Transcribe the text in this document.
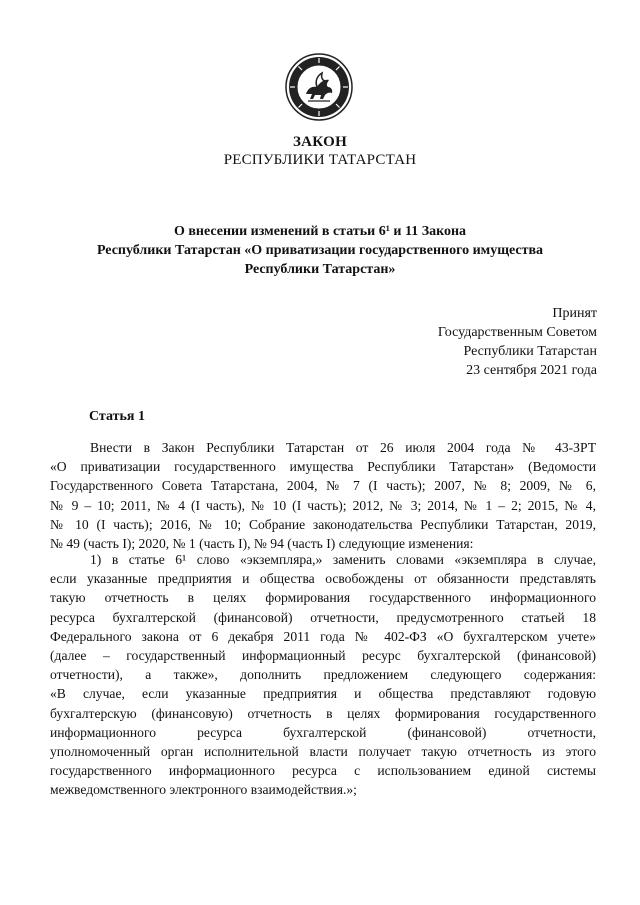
ЗАКОН
РЕСПУБЛИКИ ТАТАРСТАН
О внесении изменений в статьи 6¹ и 11 Закона
Республики Татарстан «О приватизации государственного имущества
Республики Татарстан»
Принят
Государственным Советом
Республики Татарстан
23 сентября 2021 года
Статья 1
Внести в Закон Республики Татарстан от 26 июля 2004 года № 43-ЗРТ
«О приватизации государственного имущества Республики Татарстан» (Ведомости
Государственного Совета Татарстана, 2004, № 7 (I часть); 2007, № 8; 2009, № 6,
№ 9 – 10; 2011, № 4 (I часть), № 10 (I часть); 2012, № 3; 2014, № 1 – 2; 2015, № 4,
№ 10 (I часть); 2016, № 10; Собрание законодательства Республики Татарстан, 2019,
№ 49 (часть I); 2020, № 1 (часть I), № 94 (часть I) следующие изменения:
1) в статье 6¹ слово «экземпляра,» заменить словами «экземпляра в случае,
если указанные предприятия и общества освобождены от обязанности представлять
такую отчетность в целях формирования государственного информационного
ресурса бухгалтерской (финансовой) отчетности, предусмотренного статьей 18
Федерального закона от 6 декабря 2011 года № 402-ФЗ «О бухгалтерском учете»
(далее – государственный информационный ресурс бухгалтерской (финансовой)
отчетности), а также», дополнить предложением следующего содержания:
«В случае, если указанные предприятия и общества представляют годовую
бухгалтерскую (финансовую) отчетность в целях формирования государственного
информационного ресурса бухгалтерской (финансовой) отчетности,
уполномоченный орган исполнительной власти получает такую отчетность из этого
государственного информационного ресурса с использованием единой системы
межведомственного электронного взаимодействия.»;
